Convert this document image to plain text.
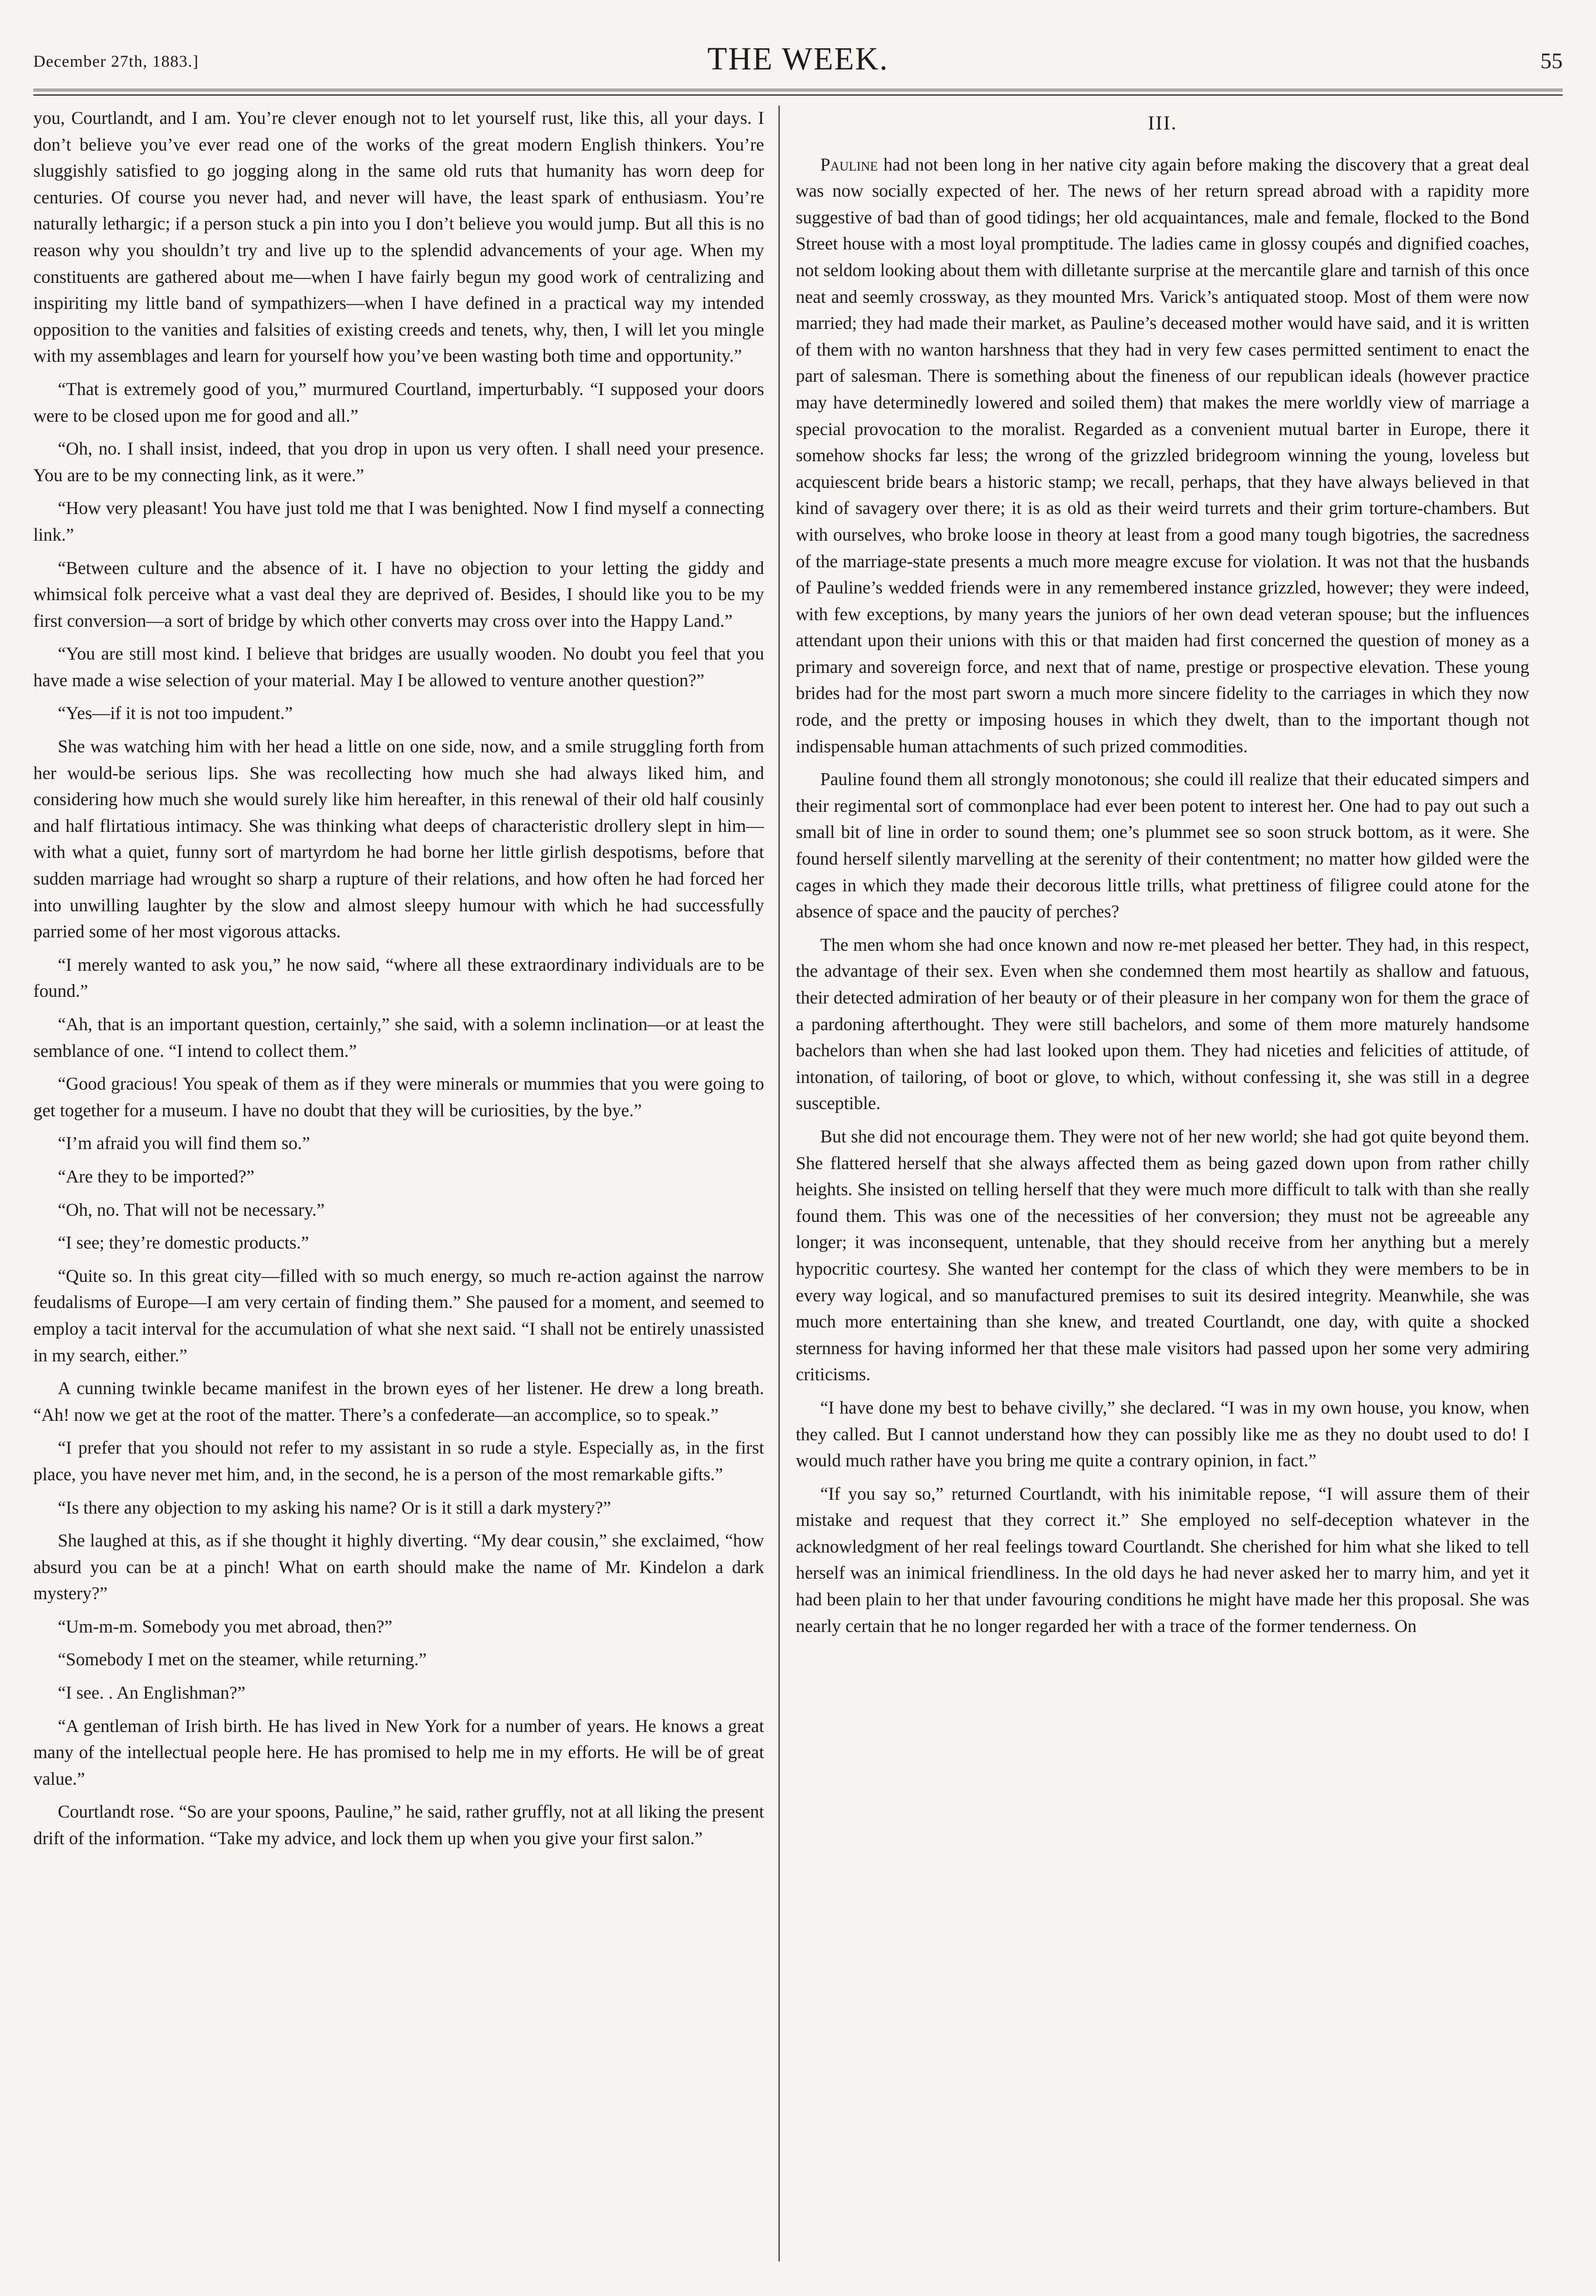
December 27th, 1883.]	THE WEEK.	55

you, Courtlandt, and I am. You’re clever enough not to let yourself rust, like this, all your days. I don’t believe you’ve ever read one of the works of the great modern English thinkers. You’re sluggishly satisfied to go jogging along in the same old ruts that humanity has worn deep for centuries. Of course you never had, and never will have, the least spark of enthusiasm. You’re naturally lethargic; if a person stuck a pin into you I don’t believe you would jump. But all this is no reason why you shouldn’t try and live up to the splendid advancements of your age. When my constituents are gathered about me—when I have fairly begun my good work of centralizing and inspiriting my little band of sympathizers—when I have defined in a practical way my intended opposition to the vanities and falsities of existing creeds and tenets, why, then, I will let you mingle with my assemblages and learn for yourself how you’ve been wasting both time and opportunity.”

“That is extremely good of you,” murmured Courtland, imperturbably. “I supposed your doors were to be closed upon me for good and all.”

“Oh, no. I shall insist, indeed, that you drop in upon us very often. I shall need your presence. You are to be my connecting link, as it were.”

“How very pleasant! You have just told me that I was benighted. Now I find myself a connecting link.”

“Between culture and the absence of it. I have no objection to your letting the giddy and whimsical folk perceive what a vast deal they are deprived of. Besides, I should like you to be my first conversion—a sort of bridge by which other converts may cross over into the Happy Land.”

“You are still most kind. I believe that bridges are usually wooden. No doubt you feel that you have made a wise selection of your material. May I be allowed to venture another question?”

“Yes—if it is not too impudent.”

She was watching him with her head a little on one side, now, and a smile struggling forth from her would-be serious lips. She was recollecting how much she had always liked him, and considering how much she would surely like him hereafter, in this renewal of their old half cousinly and half flirtatious intimacy. She was thinking what deeps of characteristic drollery slept in him—with what a quiet, funny sort of martyrdom he had borne her little girlish despotisms, before that sudden marriage had wrought so sharp a rupture of their relations, and how often he had forced her into unwilling laughter by the slow and almost sleepy humour with which he had successfully parried some of her most vigorous attacks.

“I merely wanted to ask you,” he now said, “where all these extraordinary individuals are to be found.”

“Ah, that is an important question, certainly,” she said, with a solemn inclination—or at least the semblance of one. “I intend to collect them.”

“Good gracious! You speak of them as if they were minerals or mummies that you were going to get together for a museum. I have no doubt that they will be curiosities, by the bye.”

“I’m afraid you will find them so.”

“Are they to be imported?”

“Oh, no. That will not be necessary.”

“I see; they’re domestic products.”

“Quite so. In this great city—filled with so much energy, so much re-action against the narrow feudalisms of Europe—I am very certain of finding them.” She paused for a moment, and seemed to employ a tacit interval for the accumulation of what she next said. “I shall not be entirely unassisted in my search, either.”

A cunning twinkle became manifest in the brown eyes of her listener. He drew a long breath. “Ah! now we get at the root of the matter. There’s a confederate—an accomplice, so to speak.”

“I prefer that you should not refer to my assistant in so rude a style. Especially as, in the first place, you have never met him, and, in the second, he is a person of the most remarkable gifts.”

“Is there any objection to my asking his name? Or is it still a dark mystery?”

She laughed at this, as if she thought it highly diverting. “My dear cousin,” she exclaimed, “how absurd you can be at a pinch! What on earth should make the name of Mr. Kindelon a dark mystery?”

“Um-m-m. Somebody you met abroad, then?”

“Somebody I met on the steamer, while returning.”

“I see. . An Englishman?”

“A gentleman of Irish birth. He has lived in New York for a number of years. He knows a great many of the intellectual people here. He has promised to help me in my efforts. He will be of great value.”

Courtlandt rose. “So are your spoons, Pauline,” he said, rather gruffly, not at all liking the present drift of the information. “Take my advice, and lock them up when you give your first salon.”

III.

Pauline had not been long in her native city again before making the discovery that a great deal was now socially expected of her. The news of her return spread abroad with a rapidity more suggestive of bad than of good tidings; her old acquaintances, male and female, flocked to the Bond Street house with a most loyal promptitude. The ladies came in glossy coupés and dignified coaches, not seldom looking about them with dilletante surprise at the mercantile glare and tarnish of this once neat and seemly crossway, as they mounted Mrs. Varick’s antiquated stoop. Most of them were now married; they had made their market, as Pauline’s deceased mother would have said, and it is written of them with no wanton harshness that they had in very few cases permitted sentiment to enact the part of salesman. There is something about the fineness of our republican ideals (however practice may have determinedly lowered and soiled them) that makes the mere worldly view of marriage a special provocation to the moralist. Regarded as a convenient mutual barter in Europe, there it somehow shocks far less; the wrong of the grizzled bridegroom winning the young, loveless but acquiescent bride bears a historic stamp; we recall, perhaps, that they have always believed in that kind of savagery over there; it is as old as their weird turrets and their grim torture-chambers. But with ourselves, who broke loose in theory at least from a good many tough bigotries, the sacredness of the marriage-state presents a much more meagre excuse for violation. It was not that the husbands of Pauline’s wedded friends were in any remembered instance grizzled, however; they were indeed, with few exceptions, by many years the juniors of her own dead veteran spouse; but the influences attendant upon their unions with this or that maiden had first concerned the question of money as a primary and sovereign force, and next that of name, prestige or prospective elevation. These young brides had for the most part sworn a much more sincere fidelity to the carriages in which they now rode, and the pretty or imposing houses in which they dwelt, than to the important though not indispensable human attachments of such prized commodities.

Pauline found them all strongly monotonous; she could ill realize that their educated simpers and their regimental sort of commonplace had ever been potent to interest her. One had to pay out such a small bit of line in order to sound them; one’s plummet see so soon struck bottom, as it were. She found herself silently marvelling at the serenity of their contentment; no matter how gilded were the cages in which they made their decorous little trills, what prettiness of filigree could atone for the absence of space and the paucity of perches?

The men whom she had once known and now re-met pleased her better. They had, in this respect, the advantage of their sex. Even when she condemned them most heartily as shallow and fatuous, their detected admiration of her beauty or of their pleasure in her company won for them the grace of a pardoning afterthought. They were still bachelors, and some of them more maturely handsome bachelors than when she had last looked upon them. They had niceties and felicities of attitude, of intonation, of tailoring, of boot or glove, to which, without confessing it, she was still in a degree susceptible.

But she did not encourage them. They were not of her new world; she had got quite beyond them. She flattered herself that she always affected them as being gazed down upon from rather chilly heights. She insisted on telling herself that they were much more difficult to talk with than she really found them. This was one of the necessities of her conversion; they must not be agreeable any longer; it was inconsequent, untenable, that they should receive from her anything but a merely hypocritic courtesy. She wanted her contempt for the class of which they were members to be in every way logical, and so manufactured premises to suit its desired integrity. Meanwhile, she was much more entertaining than she knew, and treated Courtlandt, one day, with quite a shocked sternness for having informed her that these male visitors had passed upon her some very admiring criticisms.

“I have done my best to behave civilly,” she declared. “I was in my own house, you know, when they called. But I cannot understand how they can possibly like me as they no doubt used to do! I would much rather have you bring me quite a contrary opinion, in fact.”

“If you say so,” returned Courtlandt, with his inimitable repose, “I will assure them of their mistake and request that they correct it.” She employed no self-deception whatever in the acknowledgment of her real feelings toward Courtlandt. She cherished for him what she liked to tell herself was an inimical friendliness. In the old days he had never asked her to marry him, and yet it had been plain to her that under favouring conditions he might have made her this proposal. She was nearly certain that he no longer regarded her with a trace of the former tenderness. On
